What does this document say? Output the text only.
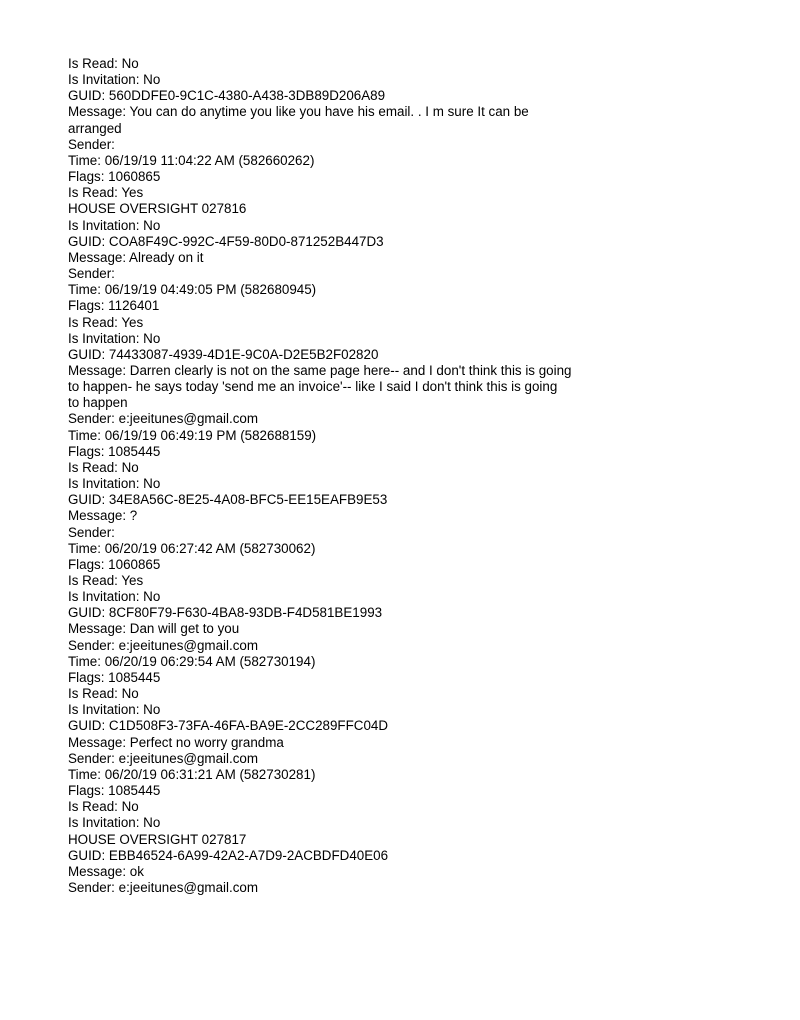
Is Read: No
Is Invitation: No
GUID: 560DDFE0-9C1C-4380-A438-3DB89D206A89
Message: You can do anytime you like you have his email. . I m sure It can be
arranged
Sender:
Time: 06/19/19 11:04:22 AM (582660262)
Flags: 1060865
Is Read: Yes
HOUSE OVERSIGHT 027816
Is Invitation: No
GUID: COA8F49C-992C-4F59-80D0-871252B447D3
Message: Already on it
Sender:
Time: 06/19/19 04:49:05 PM (582680945)
Flags: 1126401
Is Read: Yes
Is Invitation: No
GUID: 74433087-4939-4D1E-9C0A-D2E5B2F02820
Message: Darren clearly is not on the same page here-- and I don't think this is going
to happen- he says today 'send me an invoice'-- like I said I don't think this is going
to happen
Sender: e:jeeitunes@gmail.com
Time: 06/19/19 06:49:19 PM (582688159)
Flags: 1085445
Is Read: No
Is Invitation: No
GUID: 34E8A56C-8E25-4A08-BFC5-EE15EAFB9E53
Message: ?
Sender:
Time: 06/20/19 06:27:42 AM (582730062)
Flags: 1060865
Is Read: Yes
Is Invitation: No
GUID: 8CF80F79-F630-4BA8-93DB-F4D581BE1993
Message: Dan will get to you
Sender: e:jeeitunes@gmail.com
Time: 06/20/19 06:29:54 AM (582730194)
Flags: 1085445
Is Read: No
Is Invitation: No
GUID: C1D508F3-73FA-46FA-BA9E-2CC289FFC04D
Message: Perfect no worry grandma
Sender: e:jeeitunes@gmail.com
Time: 06/20/19 06:31:21 AM (582730281)
Flags: 1085445
Is Read: No
Is Invitation: No
HOUSE OVERSIGHT 027817
GUID: EBB46524-6A99-42A2-A7D9-2ACBDFD40E06
Message: ok
Sender: e:jeeitunes@gmail.com
